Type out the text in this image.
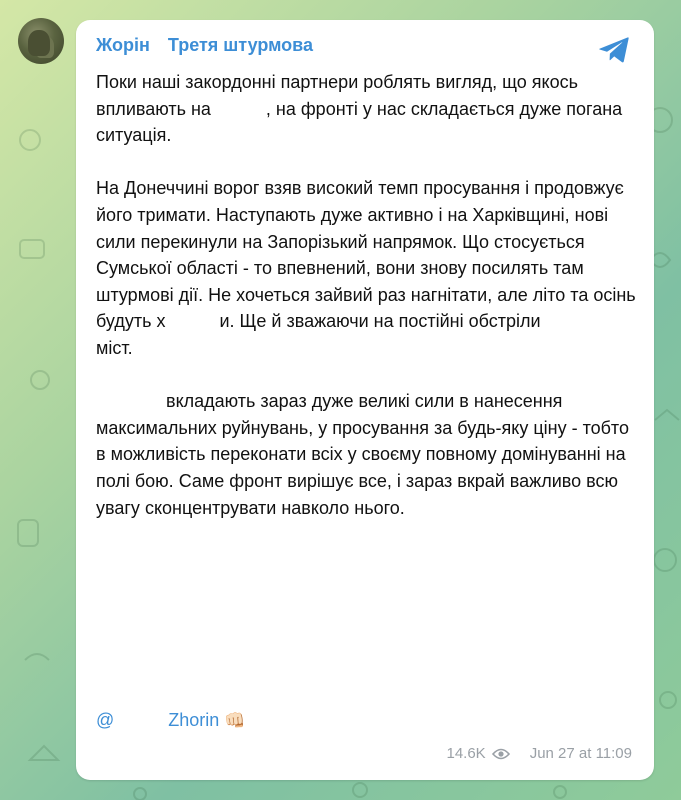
Жорін Третя штурмова

Поки наші закордонні партнери роблять вигляд, що якось впливають на	, на фронті у нас складається дуже погана ситуація.

На Донеччині ворог взяв високий темп просування і продовжує його тримати. Наступають дуже активно і на Харківщині, нові сили перекинули на Запорізький напрямок. Що стосується Сумської області - то впевнений, вони знову посилять там штурмові дії. Не хочеться зайвий раз нагнітати, але літо та осінь будуть х	и. Ще й зважаючи на постійні обстріли
міст.

вкладають зараз дуже великі сили в нанесення максимальних руйнувань, у просування за будь-яку ціну - тобто в можливість переконати всіх у своєму повному домінуванні на полі бою. Саме фронт вирішує все, і зараз вкрай важливо всю увагу сконцентрувати навколо нього.

@	Zhorin 👊🏻
14.6K	Jun 27 at 11:09
